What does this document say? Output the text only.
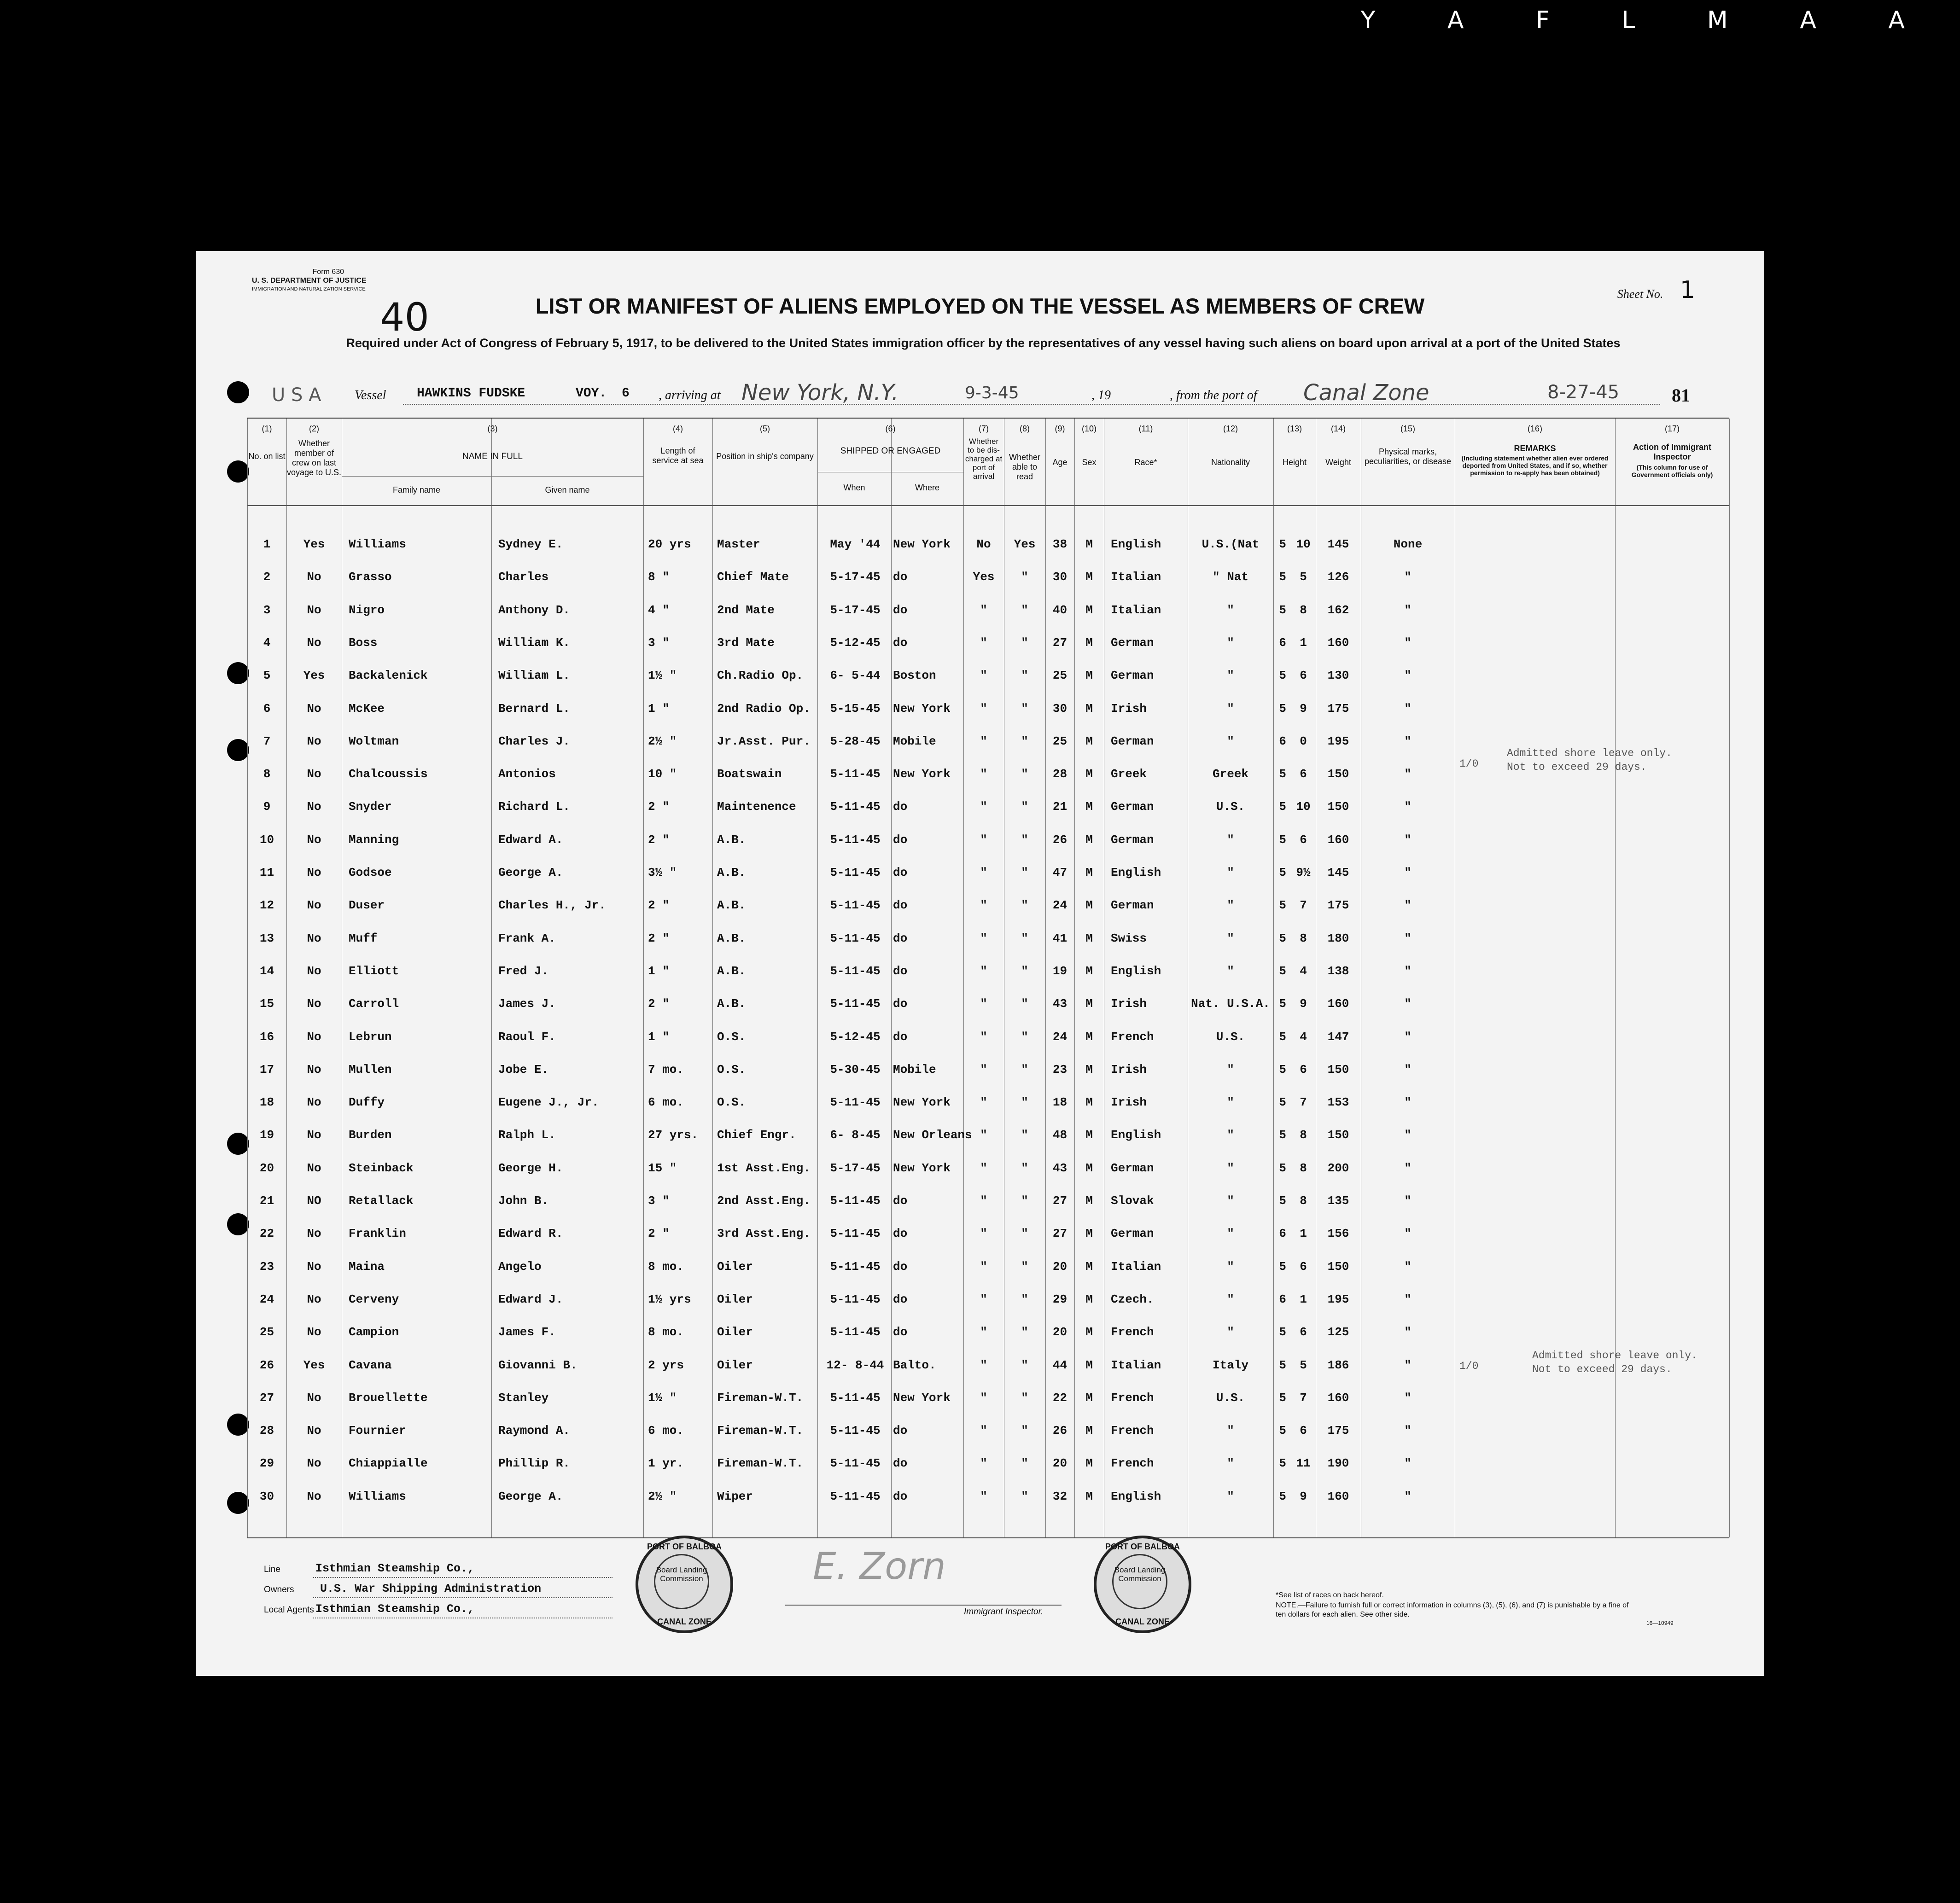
Y A F L M A A
Form 630
U. S. DEPARTMENT OF JUSTICE
IMMIGRATION AND NATURALIZATION SERVICE
40
Sheet No. 1
LIST OR MANIFEST OF ALIENS EMPLOYED ON THE VESSEL AS MEMBERS OF CREW
Required under Act of Congress of February 5, 1917, to be delivered to the United States immigration officer by the representatives of any vessel having such aliens on board upon arrival at a port of the United States
U S A	Vessel HAWKINS FUDSKE	VOY. 6 , arriving at New York, N.Y.	9-3-45	, 19	, from the port of Canal Zone	8-27-45	81
(1)	(2)	(3)	(4)	(5)	(6)	(7)	(8)	(9)	(10)	(11)	(12)	(13)	(14)	(15)	(16)	(17)
No. on list
Whether member of crew on last voyage to U.S.
NAME IN FULL
Family name	Given name
Length of service at sea	Position in ship's company
SHIPPED OR ENGAGED
When	Where
Whether to be dis-charged at port of arrival
Whether able to read
Age	Sex	Race*	Nationality	Height	Weight
Physical marks, peculiarities, or disease
REMARKS
(Including statement whether alien ever ordered deported from United States, and if so, whether permission to re-apply has been obtained)
Action of Immigrant Inspector
(This column for use of Government officials only)
1	Yes	Williams	Sydney E.	20 yrs	Master	May '44	New York	No	Yes	38	M	English	U.S.(Nat	5 10	145	None
2	No	Grasso	Charles	8 "	Chief Mate	5-17-45	do	Yes	"	30	M	Italian	" Nat	5	5	126	"
3	No	Nigro	Anthony D.	4 "	2nd Mate	5-17-45	do	"	"	40	M	Italian	"	5	8	162	"
4	No	Boss	William K.	3 "	3rd Mate	5-12-45	do	"	"	27	M	German	"	6	1	160	"
5	Yes	Backalenick	William L.	1½ "	Ch.Radio Op.	6- 5-44	Boston	"	"	25	M	German	"	5	6	130	"
6	No	McKee	Bernard L.	1 "	2nd Radio Op.	5-15-45	New York	"	"	30	M	Irish	"	5	9	175	"
7	No	Woltman	Charles J.	2½ "	Jr.Asst. Pur.	5-28-45	Mobile	"	"	25	M	German	"	6	0	195	"
8	No	Chalcoussis	Antonios	10 "	Boatswain	5-11-45	New York	"	"	28	M	Greek	Greek	5	6	150	"
9	No	Snyder	Richard L.	2 "	Maintenence	5-11-45	do	"	"	21	M	German	U.S.	5 10	150	"
10	No	Manning	Edward A.	2 "	A.B.	5-11-45	do	"	"	26	M	German	"	5	6	160	"
11	No	Godsoe	George A.	3½ "	A.B.	5-11-45	do	"	"	47	M	English	"	5 9½	145	"
12	No	Duser	Charles H., Jr.	2 "	A.B.	5-11-45	do	"	"	24	M	German	"	5	7	175	"
13	No	Muff	Frank A.	2 "	A.B.	5-11-45	do	"	"	41	M	Swiss	"	5	8	180	"
14	No	Elliott	Fred J.	1 "	A.B.	5-11-45	do	"	"	19	M	English	"	5	4	138	"
15	No	Carroll	James J.	2 "	A.B.	5-11-45	do	"	"	43	M	Irish	Nat. U.S.A. 5	9	160	"
16	No	Lebrun	Raoul F.	1 "	O.S.	5-12-45	do	"	"	24	M	French	U.S.	5	4	147	"
17	No	Mullen	Jobe E.	7 mo.	O.S.	5-30-45	Mobile	"	"	23	M	Irish	"	5	6	150	"
18	No	Duffy	Eugene J., Jr.	6 mo.	O.S.	5-11-45	New York	"	"	18	M	Irish	"	5	7	153	"
19	No	Burden	Ralph L.	27 yrs.	Chief Engr.	6- 8-45	New Orleans "	"	48	M	English	"	5	8	150	"
20	No	Steinback	George H.	15 "	1st Asst.Eng.	5-17-45	New York	"	"	43	M	German	"	5	8	200	"
21	NO	Retallack	John B.	3 "	2nd Asst.Eng.	5-11-45	do	"	"	27	M	Slovak	"	5	8	135	"
22	No	Franklin	Edward R.	2 "	3rd Asst.Eng.	5-11-45	do	"	"	27	M	German	"	6	1	156	"
23	No	Maina	Angelo	8 mo.	Oiler	5-11-45	do	"	"	20	M	Italian	"	5	6	150	"
24	No	Cerveny	Edward J.	1½ yrs	Oiler	5-11-45	do	"	"	29	M	Czech.	"	6	1	195	"
25	No	Campion	James F.	8 mo.	Oiler	5-11-45	do	"	"	20	M	French	"	5	6	125	"
26	Yes	Cavana	Giovanni B.	2 yrs	Oiler	12- 8-44 Balto.	"	"	44	M	Italian	Italy	5	5	186	"
27	No	Brouellette	Stanley	1½ "	Fireman-W.T.	5-11-45	New York	"	"	22	M	French	U.S.	5	7	160	"
28	No	Fournier	Raymond A.	6 mo.	Fireman-W.T.	5-11-45	do	"	"	26	M	French	"	5	6	175	"
29	No	Chiappialle	Phillip R.	1 yr.	Fireman-W.T.	5-11-45	do	"	"	20	M	French	"	5 11	190	"
30	No	Williams	George A.	2½ "	Wiper	5-11-45	do	"	"	32	M	English	"	5	9	160	"
1/0
Admitted shore leave only.
Not to exceed 29 days.
1/0
Admitted shore leave only.
Not to exceed 29 days.
Line	Isthmian Steamship Co.,
Owners U.S. War Shipping Administration
Local Agents Isthmian Steamship Co.,
PORT OF BALBOA
Board Landing Commission
CANAL ZONE
E. Zorn
Immigrant Inspector.
PORT OF BALBOA
Board Landing Commission
CANAL ZONE
*See list of races on back hereof.
NOTE.—Failure to furnish full or correct information in columns (3), (5), (6), and (7) is punishable by a fine of ten dollars for each alien. See other side.
16—10949
